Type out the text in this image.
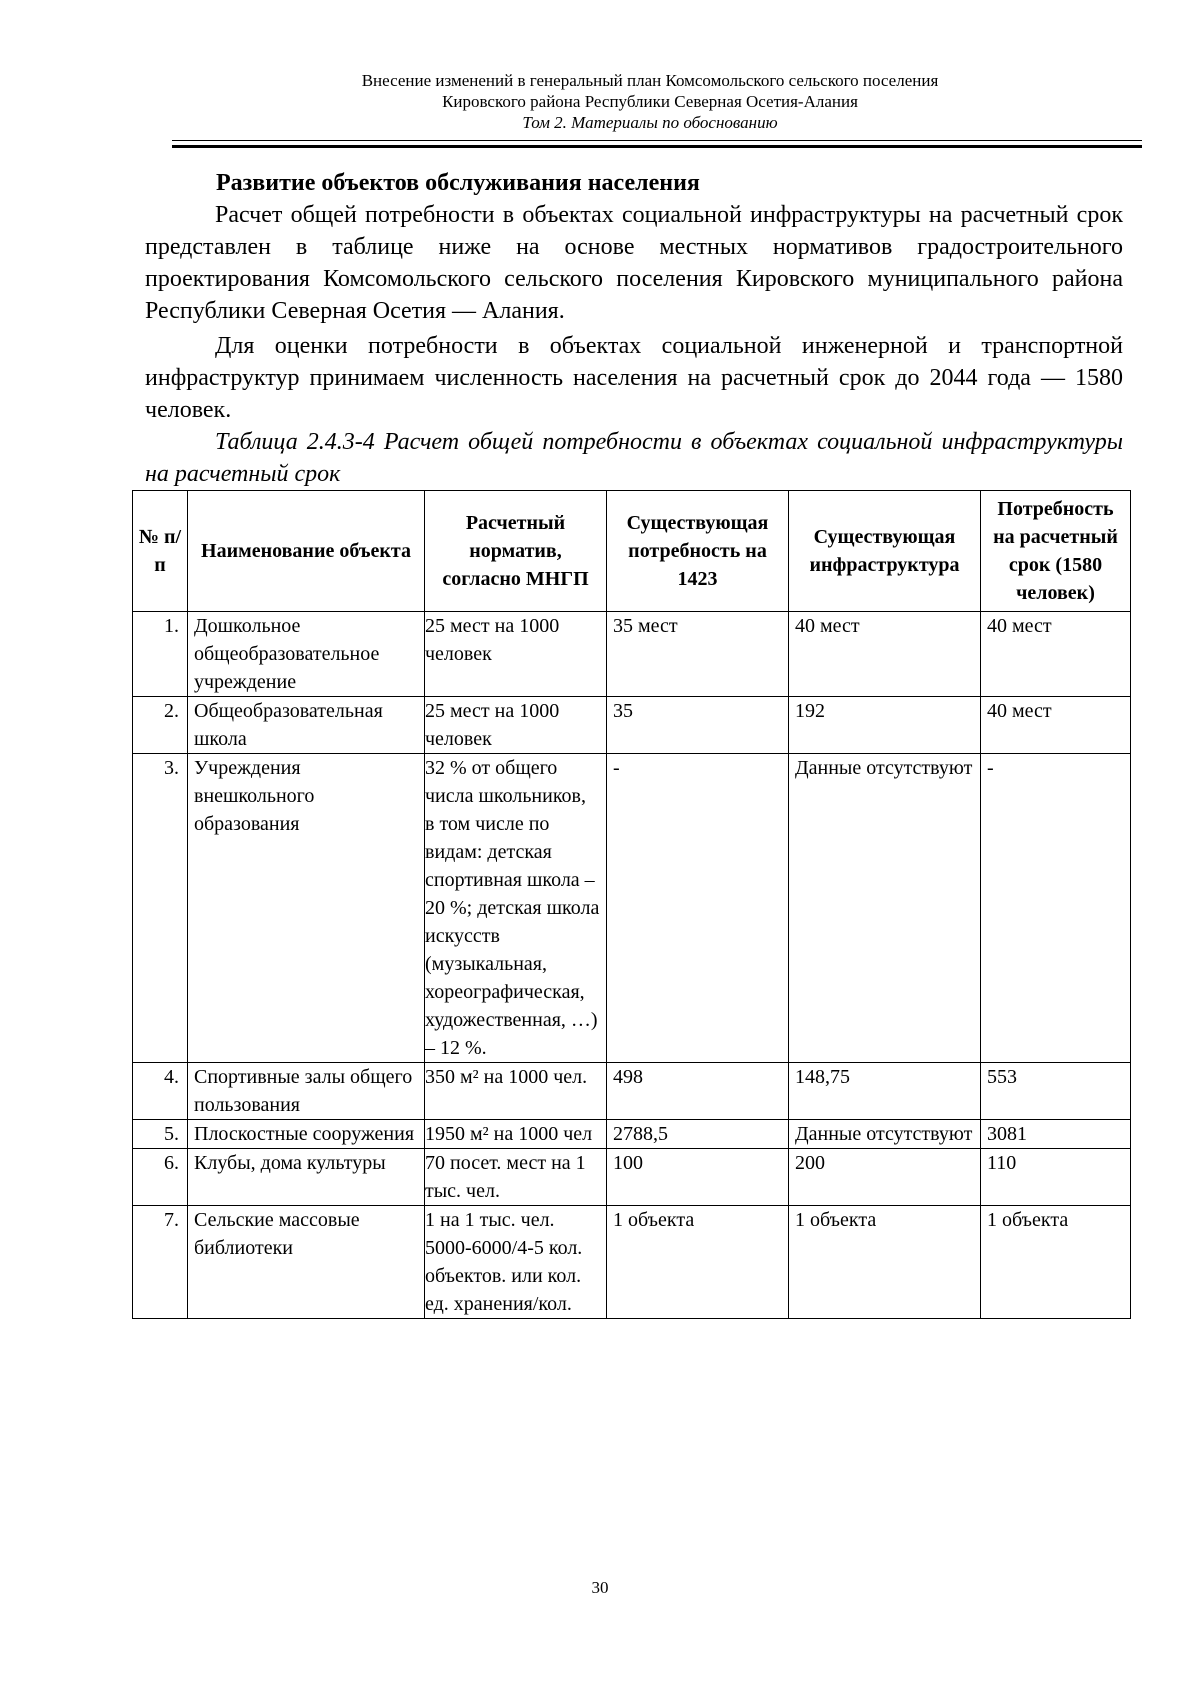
Внесение изменений в генеральный план Комсомольского сельского поселения
Кировского района Республики Северная Осетия-Алания
Том 2. Материалы по обоснованию
Развитие объектов обслуживания населения
Расчет общей потребности в объектах социальной инфраструктуры на расчетный срок представлен в таблице ниже на основе местных нормативов градостроительного проектирования Комсомольского сельского поселения Кировского муниципального района Республики Северная Осетия — Алания.
Для оценки потребности в объектах социальной инженерной и транспортной инфраструктур принимаем численность населения на расчетный срок до 2044 года — 1580 человек.
Таблица 2.4.3-4 Расчет общей потребности в объектах социальной инфраструктуры на расчетный срок
№ п/п	Наименование объекта	Расчетный норматив, согласно МНГП	Существующая потребность на 1423	Существующая инфраструктура	Потребность на расчетный срок (1580 человек)
1.	Дошкольное общеобразовательное учреждение	25 мест на 1000 человек	35 мест	40 мест	40 мест
2.	Общеобразовательная школа	25 мест на 1000 человек	35	192	40 мест
3.	Учреждения внешкольного образования	32 % от общего числа школьников, в том числе по видам: детская спортивная школа – 20 %; детская школа искусств (музыкальная, хореографическая, художественная, …) – 12 %.	-	Данные отсутствуют	-
4.	Спортивные залы общего пользования	350 м² на 1000 чел.	498	148,75	553
5.	Плоскостные сооружения	1950 м² на 1000 чел	2788,5	Данные отсутствуют	3081
6.	Клубы, дома культуры	70 посет. мест на 1 тыс. чел.	100	200	110
7.	Сельские массовые библиотеки	1 на 1 тыс. чел. 5000-6000/4-5 кол. объектов. или кол. ед. хранения/кол.	1 объекта	1 объекта	1 объекта
30
